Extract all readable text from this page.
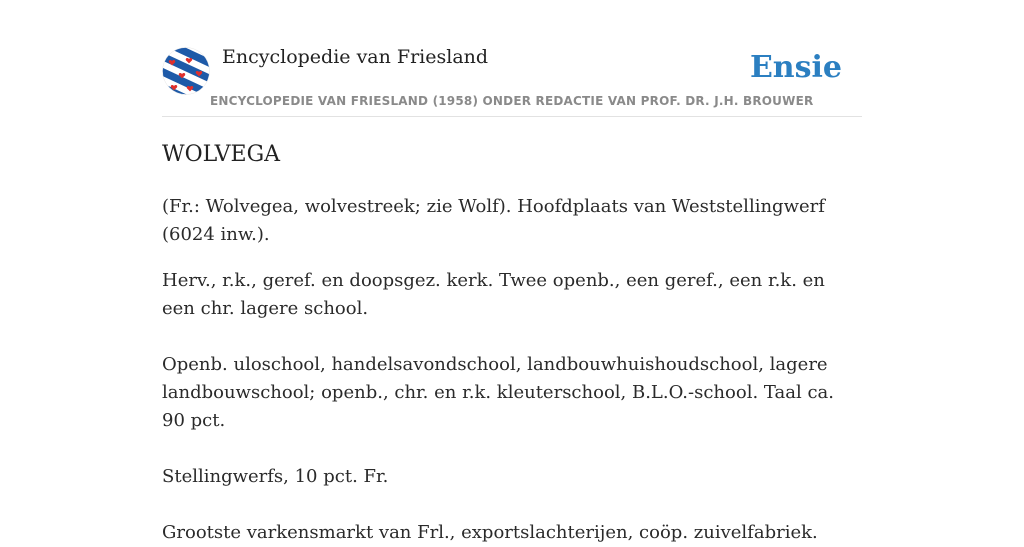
Encyclopedie van Friesland
ENCYCLOPEDIE VAN FRIESLAND (1958) ONDER REDACTIE VAN PROF. DR. J.H. BROUWER
Ensie
WOLVEGA

(Fr.: Wolvegea, wolvestreek; zie Wolf). Hoofdplaats van Weststellingwerf (6024 inw.).

Herv., r.k., geref. en doopsgez. kerk. Twee openb., een geref., een r.k. en een chr. lagere school.

Openb. uloschool, handelsavondschool, landbouwhuishoudschool, lagere landbouwschool; openb., chr. en r.k. kleuterschool, B.L.O.-school. Taal ca. 90 pct.

Stellingwerfs, 10 pct. Fr.

Grootste varkensmarkt van Frl., exportslachterijen, coöp. zuivelfabriek.
